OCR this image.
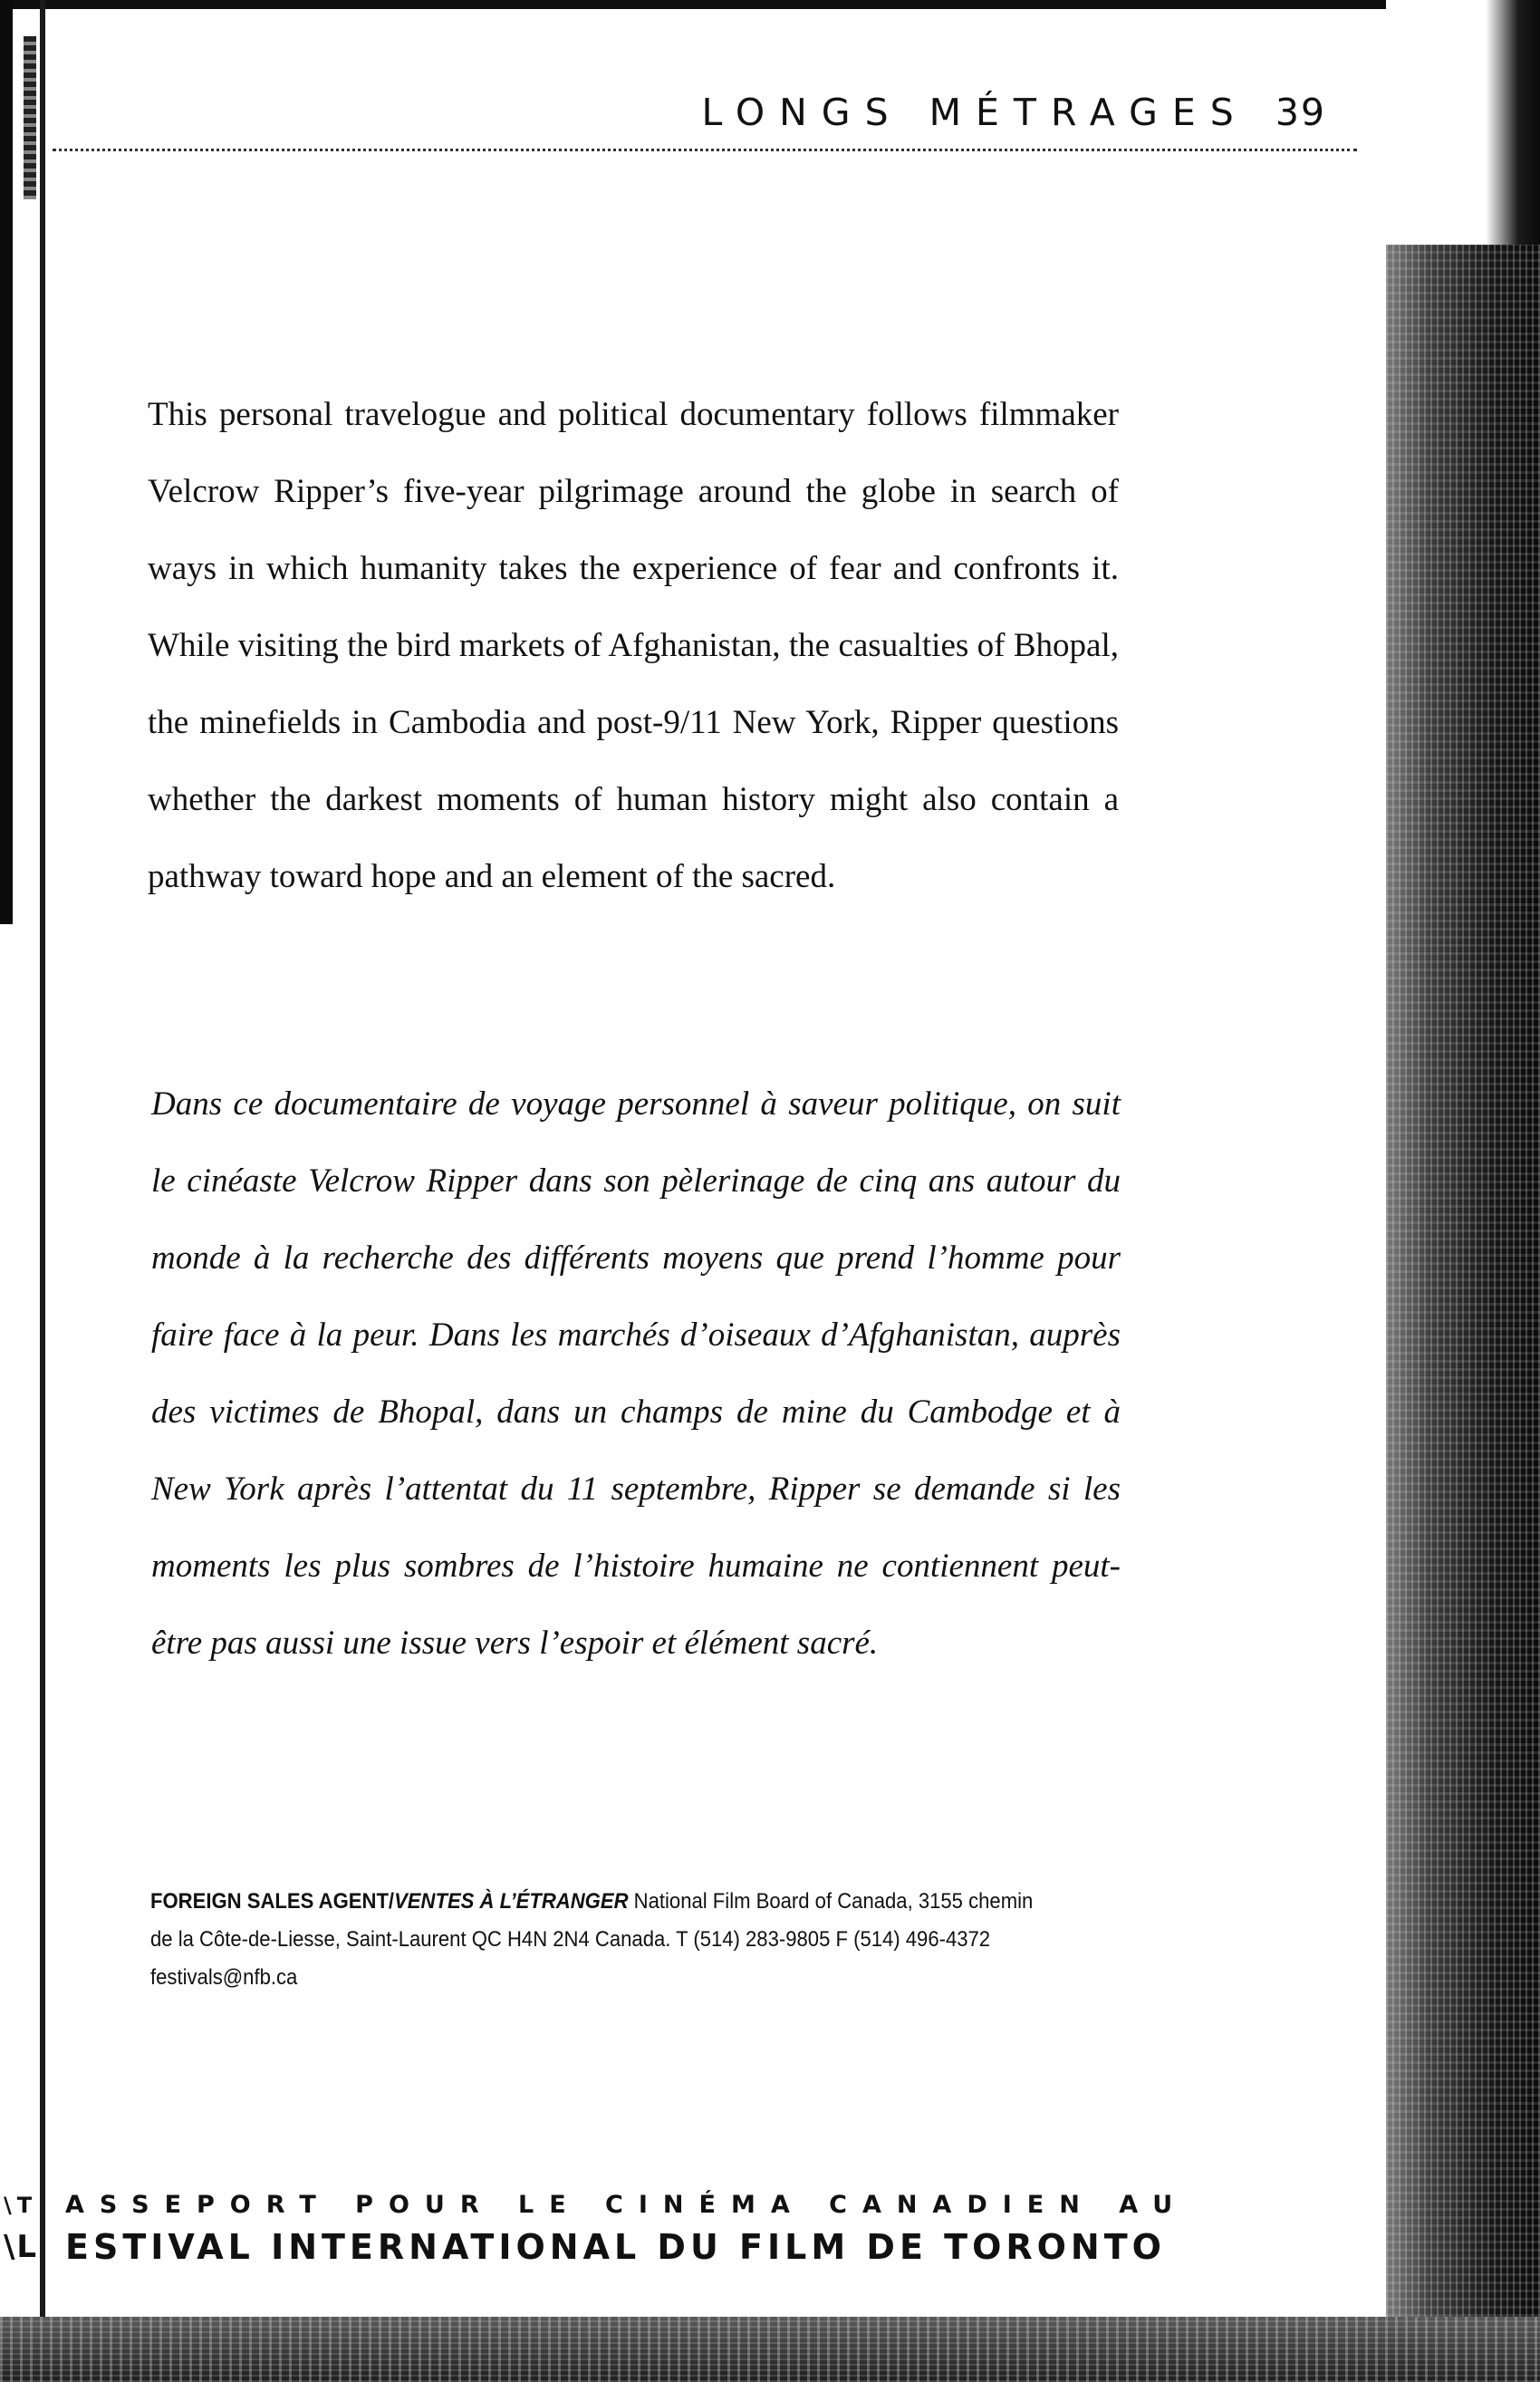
LONGS MÉTRAGES 39

This personal travelogue and political documentary follows filmmaker Velcrow Ripper’s five-year pilgrimage around the globe in search of ways in which humanity takes the experience of fear and confronts it. While visiting the bird markets of Afghanistan, the casualties of Bhopal, the minefields in Cambodia and post-9/11 New York, Ripper questions whether the darkest moments of human history might also contain a pathway toward hope and an element of the sacred.

Dans ce documentaire de voyage personnel à saveur politique, on suit le cinéaste Velcrow Ripper dans son pèlerinage de cinq ans autour du monde à la recherche des différents moyens que prend l’homme pour faire face à la peur. Dans les marchés d’oiseaux d’Afghanistan, auprès des victimes de Bhopal, dans un champs de mine du Cambodge et à New York après l’attentat du 11 septembre, Ripper se demande si les moments les plus sombres de l’histoire humaine ne contiennent peut-être pas aussi une issue vers l’espoir et élément sacré.

FOREIGN SALES AGENT/VENTES À L’ÉTRANGER National Film Board of Canada, 3155 chemin
de la Côte-de-Liesse, Saint-Laurent QC H4N 2N4 Canada. T (514) 283-9805 F (514) 496-4372
festivals@nfb.ca
\T
\L
ASSEPORT POUR LE CINÉMA CANADIEN AU
ESTIVAL INTERNATIONAL DU FILM DE TORONTO
